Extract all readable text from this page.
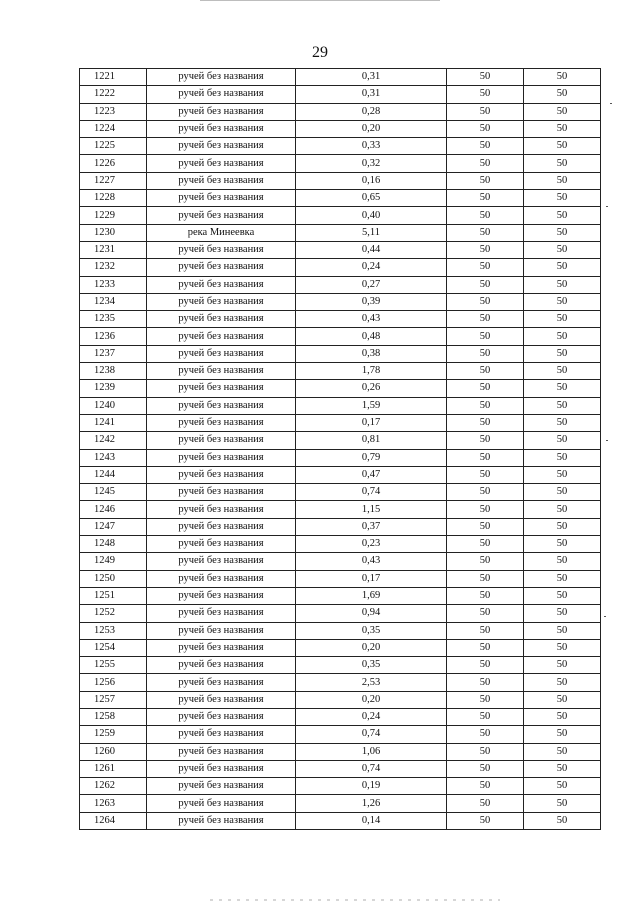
29
1221	ручей без названия	0,31	50	50
1222	ручей без названия	0,31	50	50
1223	ручей без названия	0,28	50	50
1224	ручей без названия	0,20	50	50
1225	ручей без названия	0,33	50	50
1226	ручей без названия	0,32	50	50
1227	ручей без названия	0,16	50	50
1228	ручей без названия	0,65	50	50
1229	ручей без названия	0,40	50	50
1230	река Минеевка	5,11	50	50
1231	ручей без названия	0,44	50	50
1232	ручей без названия	0,24	50	50
1233	ручей без названия	0,27	50	50
1234	ручей без названия	0,39	50	50
1235	ручей без названия	0,43	50	50
1236	ручей без названия	0,48	50	50
1237	ручей без названия	0,38	50	50
1238	ручей без названия	1,78	50	50
1239	ручей без названия	0,26	50	50
1240	ручей без названия	1,59	50	50
1241	ручей без названия	0,17	50	50
1242	ручей без названия	0,81	50	50
1243	ручей без названия	0,79	50	50
1244	ручей без названия	0,47	50	50
1245	ручей без названия	0,74	50	50
1246	ручей без названия	1,15	50	50
1247	ручей без названия	0,37	50	50
1248	ручей без названия	0,23	50	50
1249	ручей без названия	0,43	50	50
1250	ручей без названия	0,17	50	50
1251	ручей без названия	1,69	50	50
1252	ручей без названия	0,94	50	50
1253	ручей без названия	0,35	50	50
1254	ручей без названия	0,20	50	50
1255	ручей без названия	0,35	50	50
1256	ручей без названия	2,53	50	50
1257	ручей без названия	0,20	50	50
1258	ручей без названия	0,24	50	50
1259	ручей без названия	0,74	50	50
1260	ручей без названия	1,06	50	50
1261	ручей без названия	0,74	50	50
1262	ручей без названия	0,19	50	50
1263	ручей без названия	1,26	50	50
1264	ручей без названия	0,14	50	50
